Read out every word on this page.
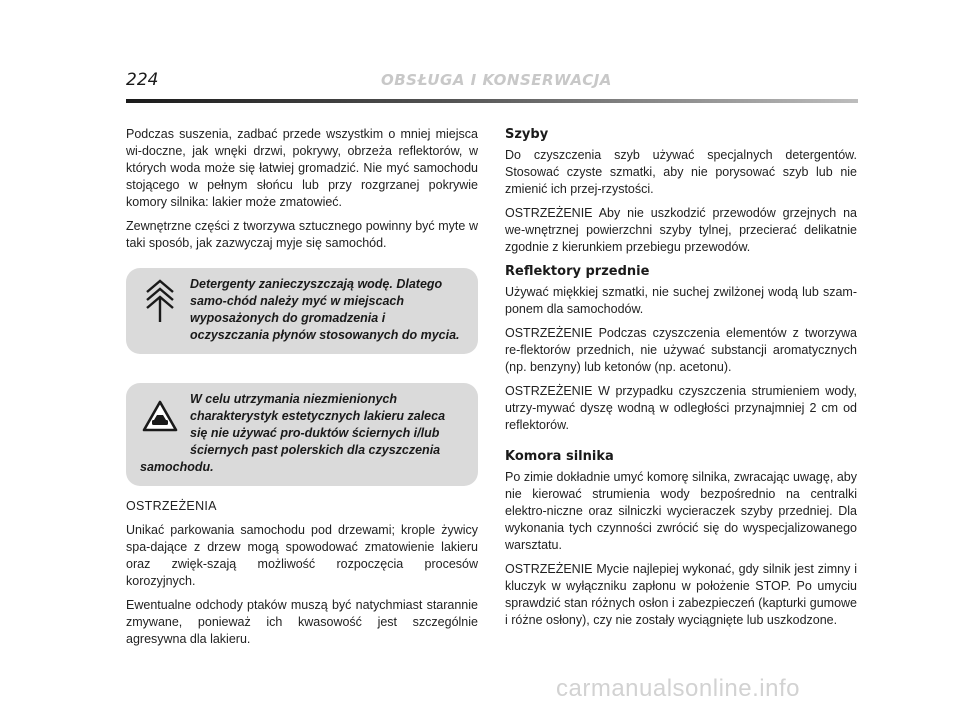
224	OBSŁUGA I KONSERWACJA

Podczas suszenia, zadbać przede wszystkim o mniej miejsca wi-doczne, jak wnęki drzwi, pokrywy, obrzeża reflektorów, w których woda może się łatwiej gromadzić. Nie myć samochodu stojącego w pełnym słońcu lub przy rozgrzanej pokrywie komory silnika: lakier może zmatowieć.

Zewnętrzne części z tworzywa sztucznego powinny być myte w taki sposób, jak zazwyczaj myje się samochód.

Detergenty zanieczyszczają wodę. Dlatego samo-chód należy myć w miejscach wyposażonych do gromadzenia i oczyszczania płynów stosowanych do mycia.
W celu utrzymania niezmienionych charakterystyk estetycznych lakieru zaleca się nie używać pro-duktów ściernych i/lub ściernych past polerskich dla czyszczenia samochodu.

OSTRZEŻENIA

Unikać parkowania samochodu pod drzewami; krople żywicy spa-dające z drzew mogą spowodować zmatowienie lakieru oraz zwięk-szają możliwość rozpoczęcia procesów korozyjnych.

Ewentualne odchody ptaków muszą być natychmiast starannie zmywane, ponieważ ich kwasowość jest szczególnie agresywna dla lakieru.

Szyby

Do czyszczenia szyb używać specjalnych detergentów. Stosować czyste szmatki, aby nie porysować szyb lub nie zmienić ich przej-rzystości.

OSTRZEŻENIE Aby nie uszkodzić przewodów grzejnych na we-wnętrznej powierzchni szyby tylnej, przecierać delikatnie zgodnie z kierunkiem przebiegu przewodów.

Reflektory przednie

Używać miękkiej szmatki, nie suchej zwilżonej wodą lub szam-ponem dla samochodów.

OSTRZEŻENIE Podczas czyszczenia elementów z tworzywa re-flektorów przednich, nie używać substancji aromatycznych (np. benzyny) lub ketonów (np. acetonu).

OSTRZEŻENIE W przypadku czyszczenia strumieniem wody, utrzy-mywać dyszę wodną w odległości przynajmniej 2 cm od reflektorów.

Komora silnika

Po zimie dokładnie umyć komorę silnika, zwracając uwagę, aby nie kierować strumienia wody bezpośrednio na centralki elektro-niczne oraz silniczki wycieraczek szyby przedniej. Dla wykonania tych czynności zwrócić się do wyspecjalizowanego warsztatu.

OSTRZEŻENIE Mycie najlepiej wykonać, gdy silnik jest zimny i kluczyk w wyłączniku zapłonu w położenie STOP. Po umyciu sprawdzić stan różnych osłon i zabezpieczeń (kapturki gumowe i różne osłony), czy nie zostały wyciągnięte lub uszkodzone.

carmanualsonline.info
